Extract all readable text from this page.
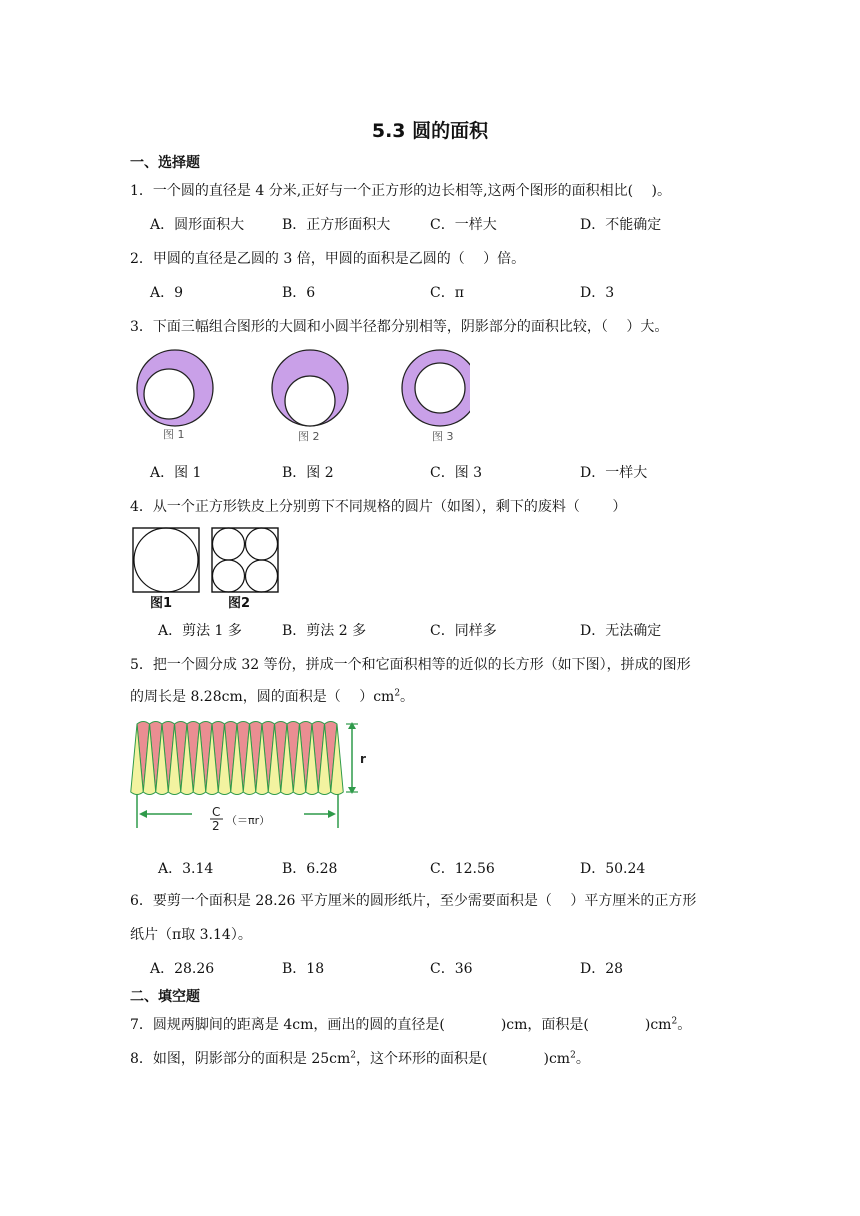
5.3 圆的面积
一、选择题
1．一个圆的直径是 4 分米,正好与一个正方形的边长相等,这两个图形的面积相比(　 )。
A．圆形面积大	B．正方形面积大	C．一样大	D．不能确定
2．甲圆的直径是乙圆的 3 倍，甲圆的面积是乙圆的（　 ）倍。
A．9	B．6	C．π	D．3
3．下面三幅组合图形的大圆和小圆半径都分别相等，阴影部分的面积比较，（　 ）大。
图 1	图 2	图 3
A．图 1	B．图 2	C．图 3	D．一样大
4．从一个正方形铁皮上分别剪下不同规格的圆片（如图），剩下的废料（　　 ）
图1	图2
A．剪法 1 多	B．剪法 2 多	C．同样多	D．无法确定
5．把一个圆分成 32 等份，拼成一个和它面积相等的近似的长方形（如下图），拼成的图形
的周长是 8.28cm，圆的面积是（　 ）$cm^2$。
r
C
2 （＝πr）
A．3.14	B．6.28	C．12.56	D．50.24
6．要剪一个面积是 28.26 平方厘米的圆形纸片，至少需要面积是（　 ）平方厘米的正方形
纸片（π取 3.14）。
A．28.26	B．18	C．36	D．28
二、填空题
7．圆规两脚间的距离是 4cm，画出的圆的直径是(　　　　)cm，面积是(　　　　)$cm^2$。
8．如图，阴影部分的面积是 $25cm^2$，这个环形的面积是(　　　　)$cm^2$。
